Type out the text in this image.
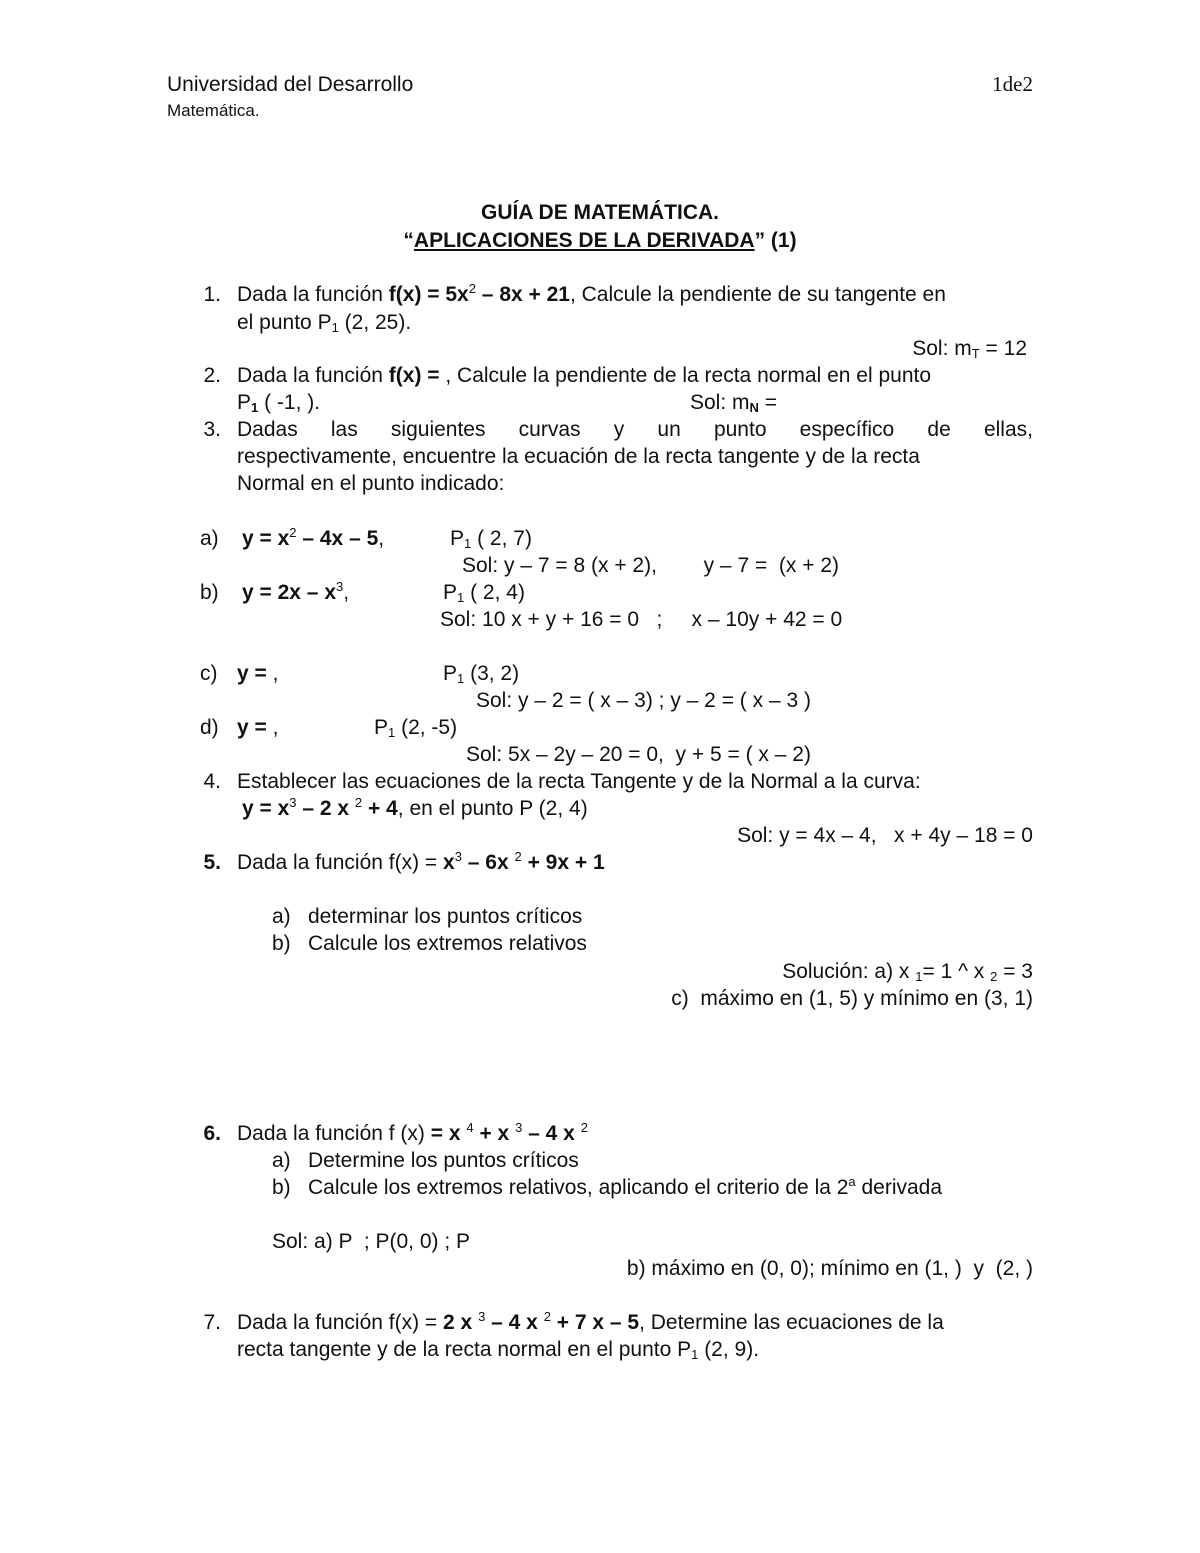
Universidad del Desarrollo
Matemática.
1de2
GUÍA DE MATEMÁTICA.
“APLICACIONES DE LA DERIVADA” (1)
1. Dada la función $f(x) = 5x^2 - 8x + 21$, Calcule la pendiente de su tangente en
el punto $P_1$ (2, 25).
Sol: $m_T = 12$
2. Dada la función f(x) = , Calcule la pendiente de la recta normal en el punto
$P_1$ ( -1, ).	Sol: $m_N$ =
3. Dadas las siguientes curvas y un punto específico de ellas,
respectivamente, encuentre la ecuación de la recta tangente y de la recta
Normal en el punto indicado:
a) $y = x^2 - 4x - 5$,	$P_1$ ( 2, 7)
Sol: y – 7 = 8 (x + 2),        y – 7 =  (x + 2)
b) $y = 2x - x^3$,	$P_1$ ( 2, 4)
Sol: 10 x + y + 16 = 0   ;     x – 10y + 42 = 0
c) y = ,	$P_1$ (3, 2)
Sol: y – 2 = ( x – 3) ; y – 2 = ( x – 3 )
d) y = ,	$P_1$ (2, -5)
Sol: 5x – 2y – 20 = 0,  y + 5 = ( x – 2)
4. Establecer las ecuaciones de la recta Tangente y de la Normal a la curva:
$y = x^3 - 2$ x $^2$ + 4, en el punto P (2, 4)
Sol: y = 4x – 4,   x + 4y – 18 = 0
5. Dada la función $f(x) = x^3 - 6x$ $^2$ + 9x + 1
a) determinar los puntos críticos
b) Calcule los extremos relativos
Solución: a) x $_1$= 1 ^ x $_2$ = 3
c)  máximo en (1, 5) y mínimo en (3, 1)
6. Dada la función f (x) = x $^4$ + x $^3$ – 4 x $^2$
a) Determine los puntos críticos
b) Calcule los extremos relativos, aplicando el criterio de la 2$^a$ derivada
Sol: a) P  ; P(0, 0) ; P
b) máximo en (0, 0); mínimo en (1, )  y  (2, )
7. Dada la función f(x) = 2 x $^3$ – 4 x $^2$ + 7 x – 5, Determine las ecuaciones de la
recta tangente y de la recta normal en el punto $P_1$ (2, 9).
